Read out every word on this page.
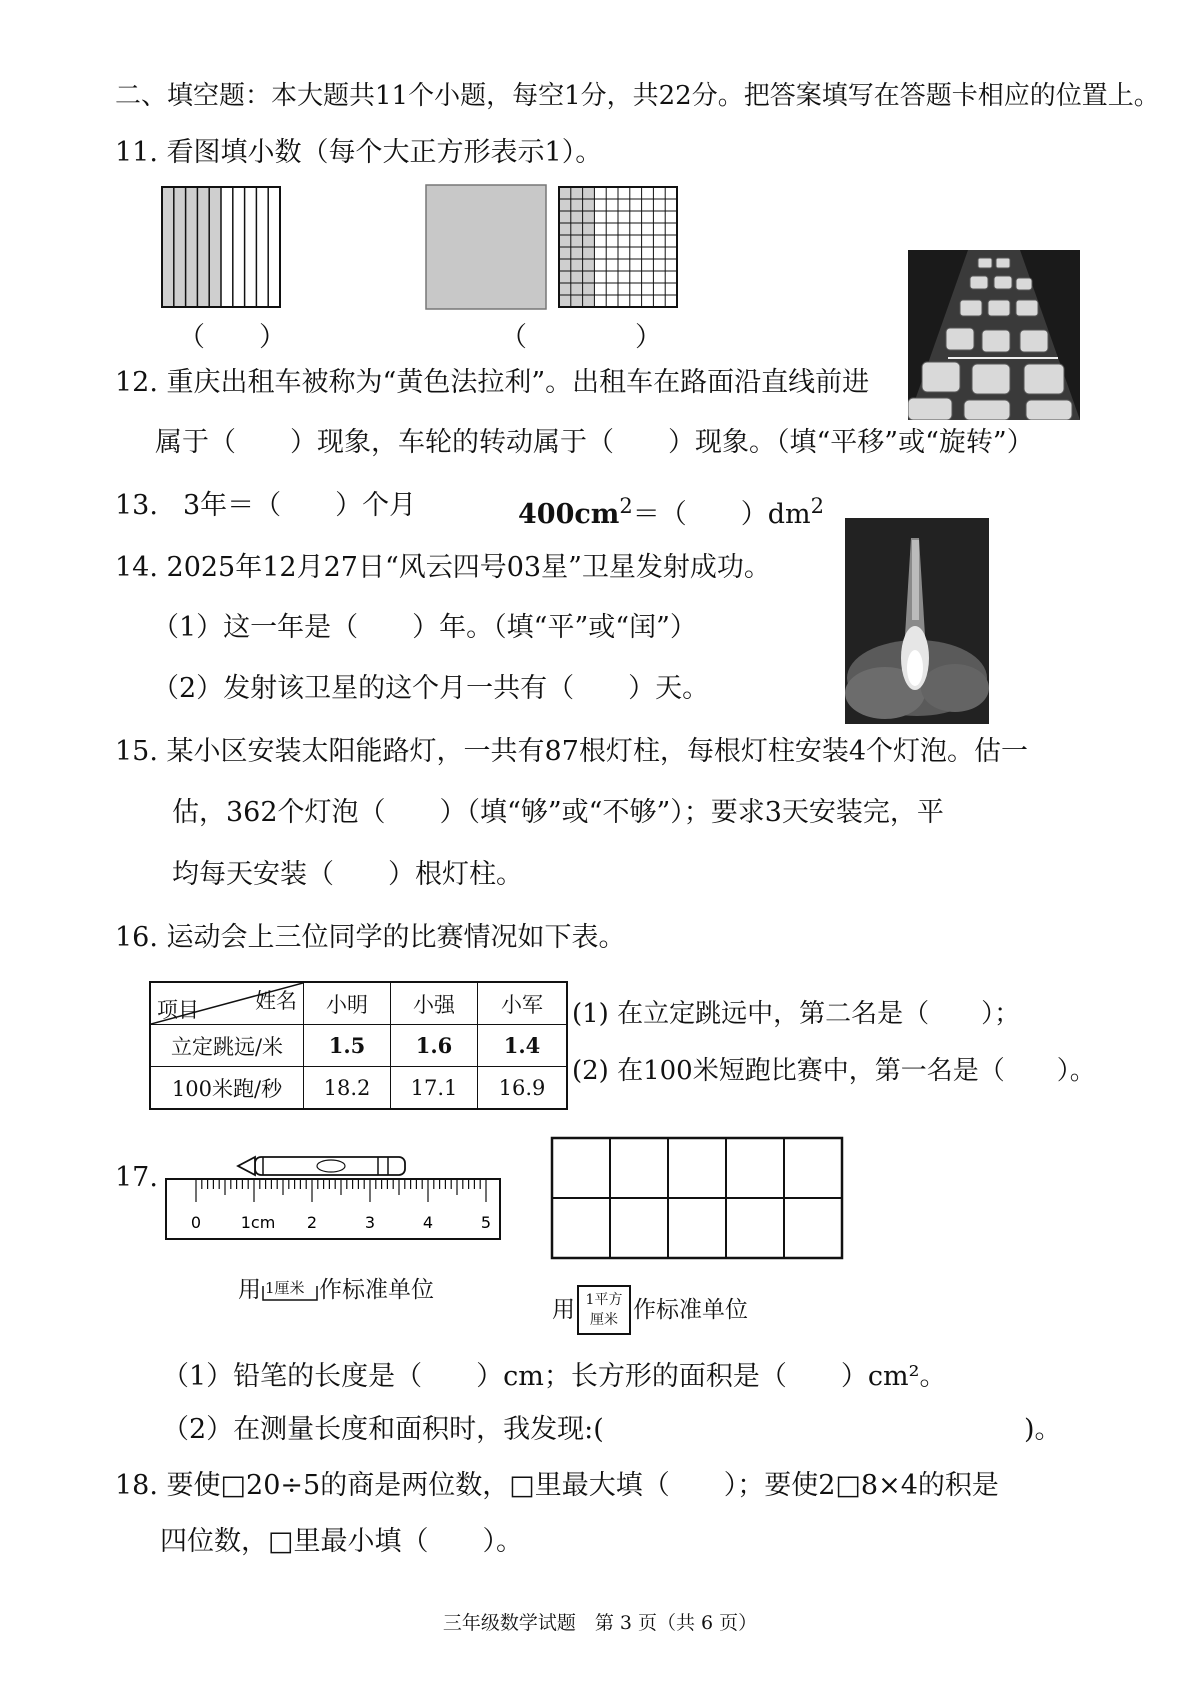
二、填空题：本大题共11个小题，每空1分，共22分。把答案填写在答题卡相应的位置上。
11. 看图填小数（每个大正方形表示1）。
（　　）	（　　　　）
12. 重庆出租车被称为“黄色法拉利”。出租车在路面沿直线前进
属于（　　）现象，车轮的转动属于（　　）现象。（填“平移”或“旋转”）
13. 3年＝（　　）个月	$400cm^2=$（　　）$dm^2$
14. 2025年12月27日“风云四号03星”卫星发射成功。
（1）这一年是（　　）年。（填“平”或“闰”）
（2）发射该卫星的这个月一共有（　　）天。
15. 某小区安装太阳能路灯，一共有87根灯柱，每根灯柱安装4个灯泡。估一
估，362个灯泡（　　）（填“够”或“不够”）；要求3天安装完，平
均每天安装（　　）根灯柱。
16. 运动会上三位同学的比赛情况如下表。
姓名
项目	小明	小强	小军
立定跳远/米	1.5	1.6	1.4
100米跑/秒	18.2	17.1	16.9
(1) 在立定跳远中，第二名是（　　）；
(2) 在100米短跑比赛中，第一名是（　　）。
17.
0 1cm 2	3	4	5
用 1厘米 作标准单位
用 1平方
厘米 作标准单位
（1）铅笔的长度是（　　）cm；长方形的面积是（　　）cm²。
（2）在测量长度和面积时，我发现:(	)。
18. 要使□20÷5的商是两位数，□里最大填（　　）；要使2□8×4的积是
四位数，□里最小填（　　）。
三年级数学试题　第 3 页（共 6 页）
